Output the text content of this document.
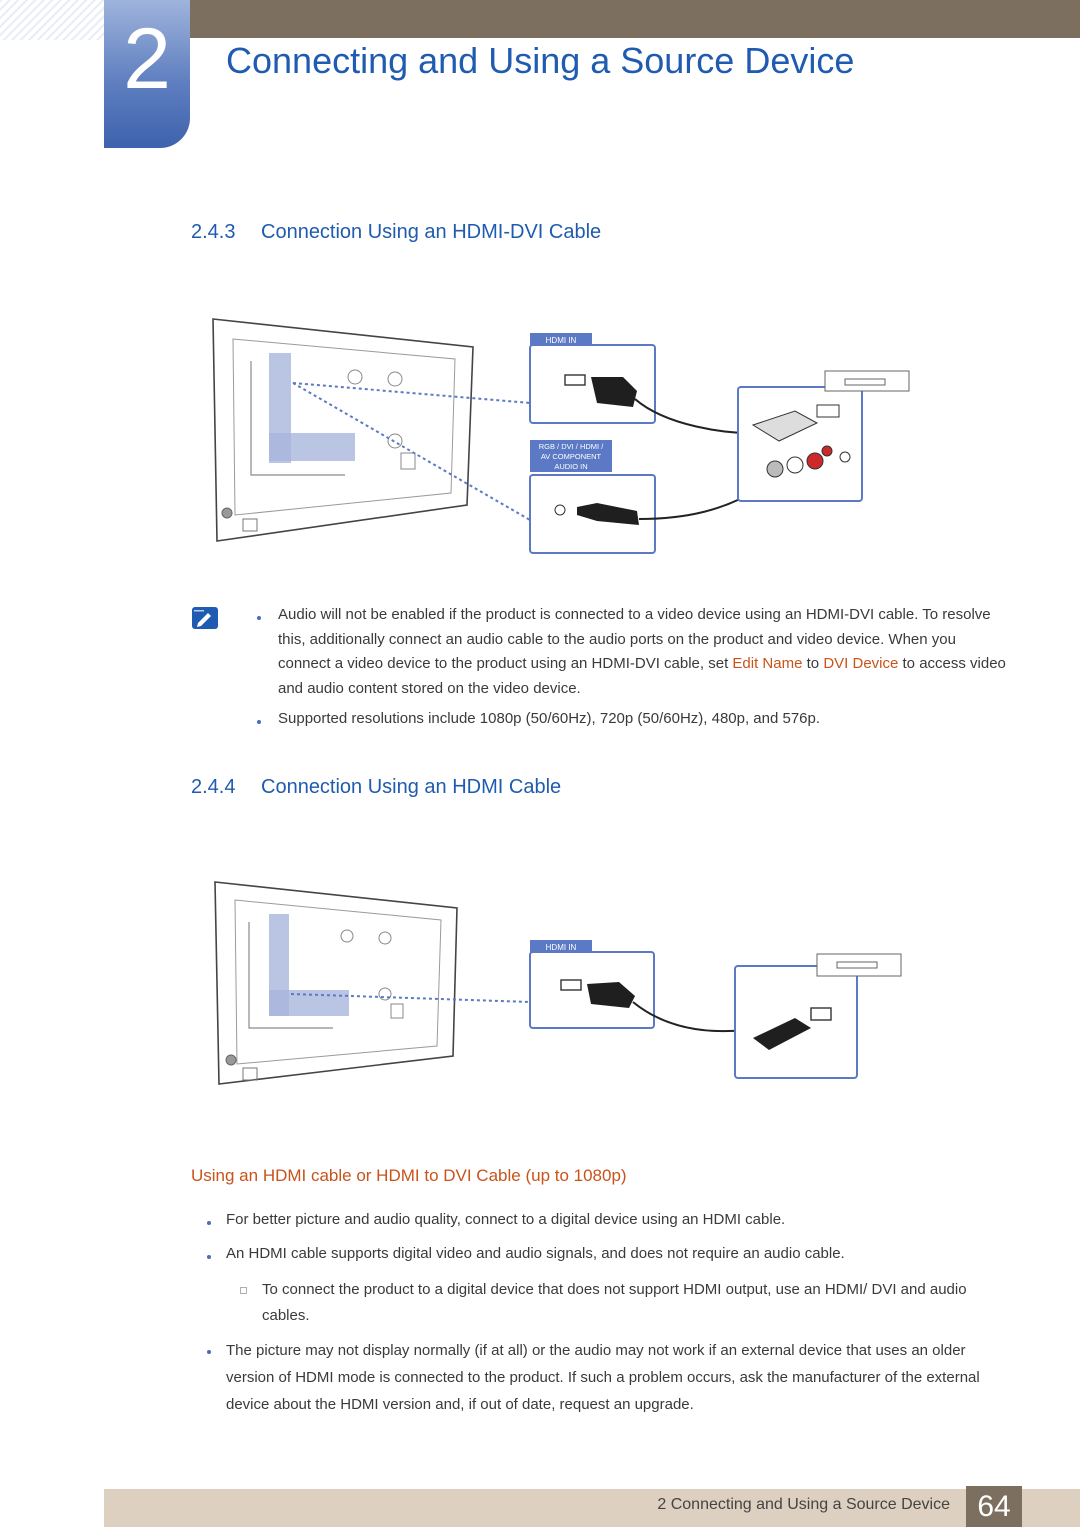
2	Connecting and Using a Source Device
2.4.3 Connection Using an HDMI-DVI Cable
HDMI IN
RGB / DVI / HDMI /
AV COMPONENT
AUDIO IN
Audio will not be enabled if the product is connected to a video device using an HDMI-DVI cable. To resolve this, additionally connect an audio cable to the audio ports on the product and video device. When you connect a video device to the product using an HDMI-DVI cable, set Edit Name to DVI Device to access video and audio content stored on the video device.
Supported resolutions include 1080p (50/60Hz), 720p (50/60Hz), 480p, and 576p.
2.4.4 Connection Using an HDMI Cable
HDMI IN
Using an HDMI cable or HDMI to DVI Cable (up to 1080p)
For better picture and audio quality, connect to a digital device using an HDMI cable.
An HDMI cable supports digital video and audio signals, and does not require an audio cable.
To connect the product to a digital device that does not support HDMI output, use an HDMI/ DVI and audio cables.
The picture may not display normally (if at all) or the audio may not work if an external device that uses an older version of HDMI mode is connected to the product. If such a problem occurs, ask the manufacturer of the external device about the HDMI version and, if out of date, request an upgrade.
2 Connecting and Using a Source Device 64
